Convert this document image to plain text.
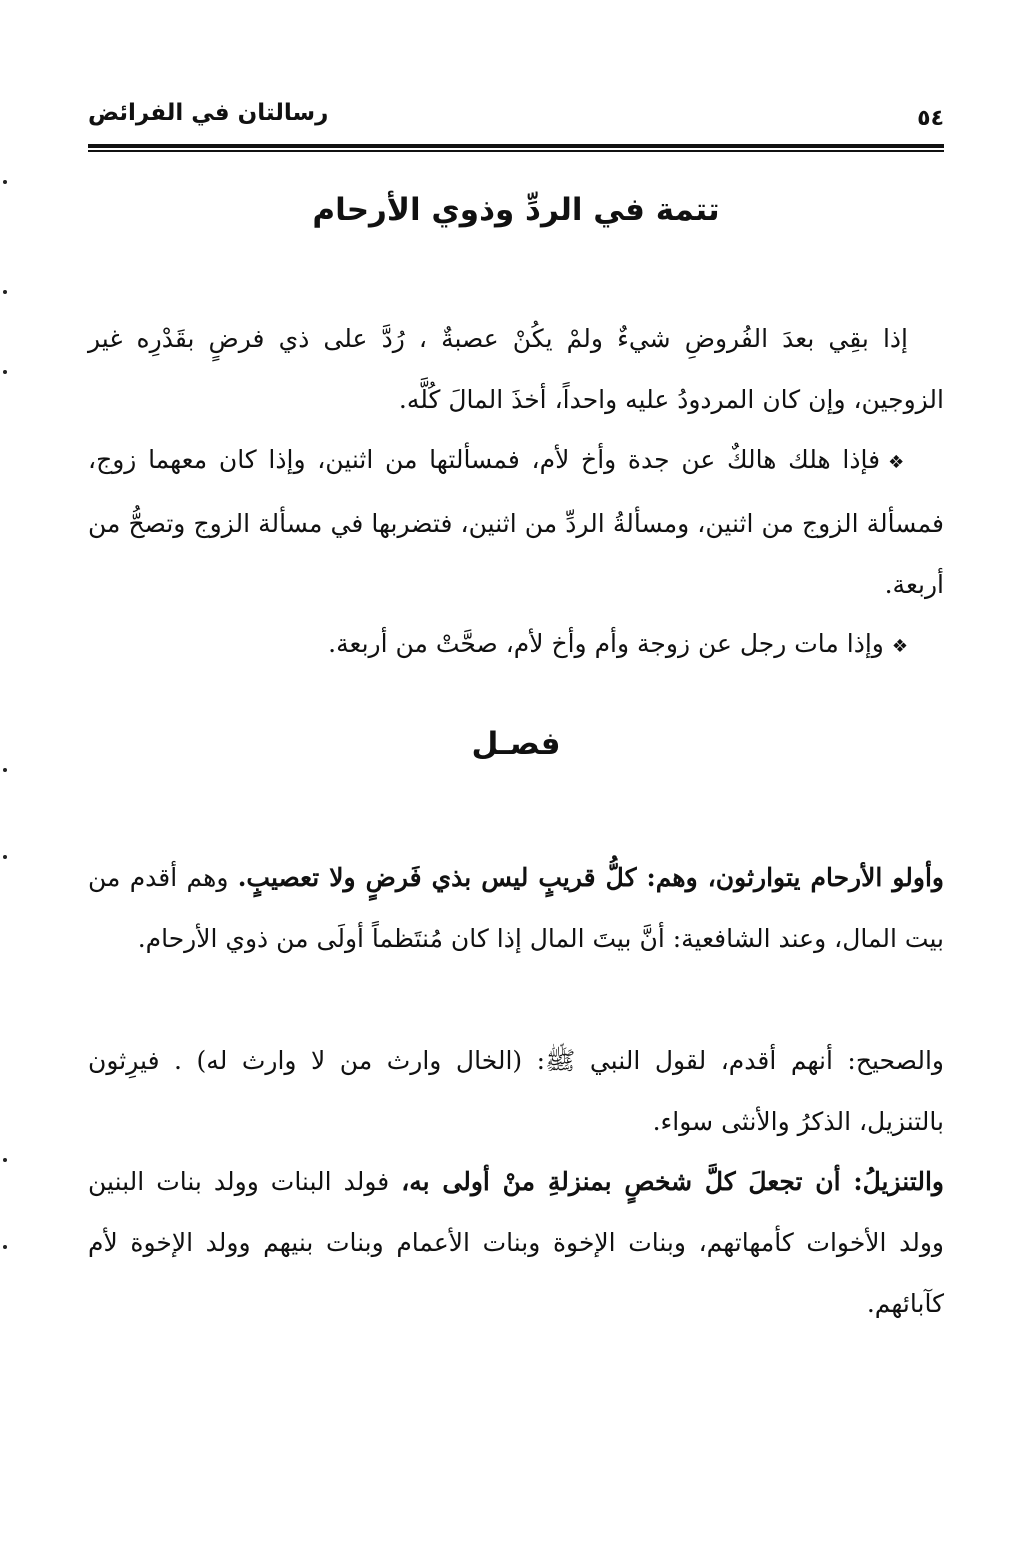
رسالتان في الفرائض	٥٤
تتمة في الردِّ وذوي الأرحام

إذا بقِي بعدَ الفُروضِ شيءٌ ولمْ يكُنْ عصبةٌ ، رُدَّ على ذي فرضٍ بقَدْرِه غير الزوجين، وإن كان المردودُ عليه واحداً، أخذَ المالَ كُلَّه.

❖فإذا هلك هالكٌ عن جدة وأخ لأم، فمسألتها من اثنين، وإذا كان معهما زوج، فمسألة الزوج من اثنين، ومسألةُ الردِّ من اثنين، فتضربها في مسألة الزوج وتصحُّ من أربعة.

❖وإذا مات رجل عن زوجة وأم وأخ لأم، صحَّتْ من أربعة.

فصـل

وأولو الأرحام يتوارثون، وهم: كلُّ قريبٍ ليس بذي فَرضٍ ولا تعصيبٍ. وهم أقدم من بيت المال، وعند الشافعية: أنَّ بيتَ المال إذا كان مُنتَظماً أولَى من ذوي الأرحام.

والصحيح: أنهم أقدم، لقول النبي ﷺ: (الخال وارث من لا وارث له) . فيرِثون بالتنزيل، الذكرُ والأنثى سواء.

والتنزيلُ: أن تجعلَ كلَّ شخصٍ بمنزلةِ منْ أولى به، فولد البنات وولد بنات البنين وولد الأخوات كأمهاتهم، وبنات الإخوة وبنات الأعمام وبنات بنيهم وولد الإخوة لأم كآبائهم.
